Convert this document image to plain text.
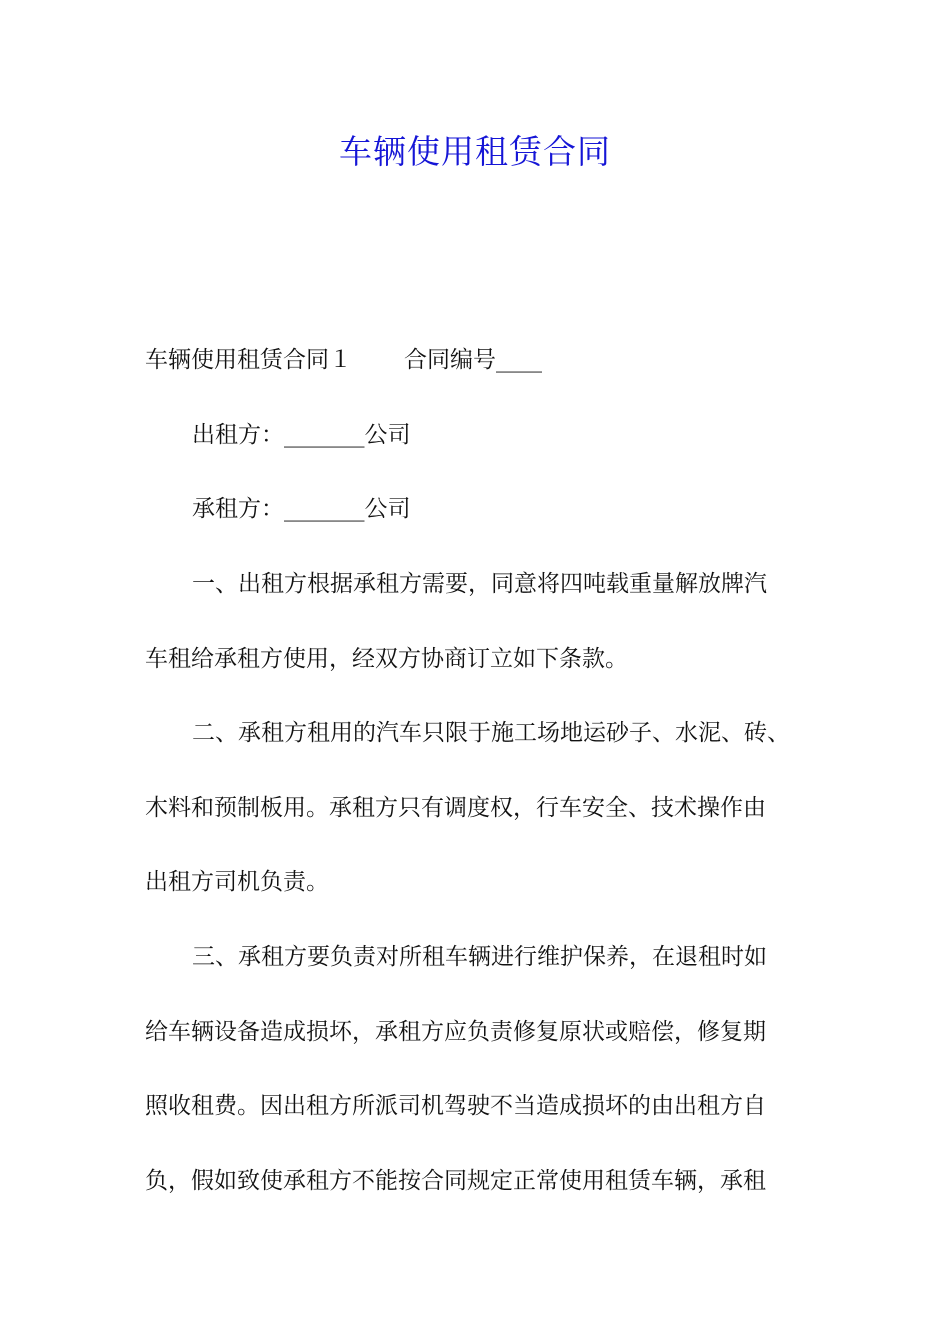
车辆使用租赁合同
车辆使用租赁合同１ 合同编号____
出租方：_______公司
承租方：_______公司
一、出租方根据承租方需要，同意将四吨载重量解放牌汽
车租给承租方使用，经双方协商订立如下条款。
二、承租方租用的汽车只限于施工场地运砂子、水泥、砖、
木料和预制板用。承租方只有调度权，行车安全、技术操作由
出租方司机负责。
三、承租方要负责对所租车辆进行维护保养，在退租时如
给车辆设备造成损坏，承租方应负责修复原状或赔偿，修复期
照收租费。因出租方所派司机驾驶不当造成损坏的由出租方自
负，假如致使承租方不能按合同规定正常使用租赁车辆，承租
